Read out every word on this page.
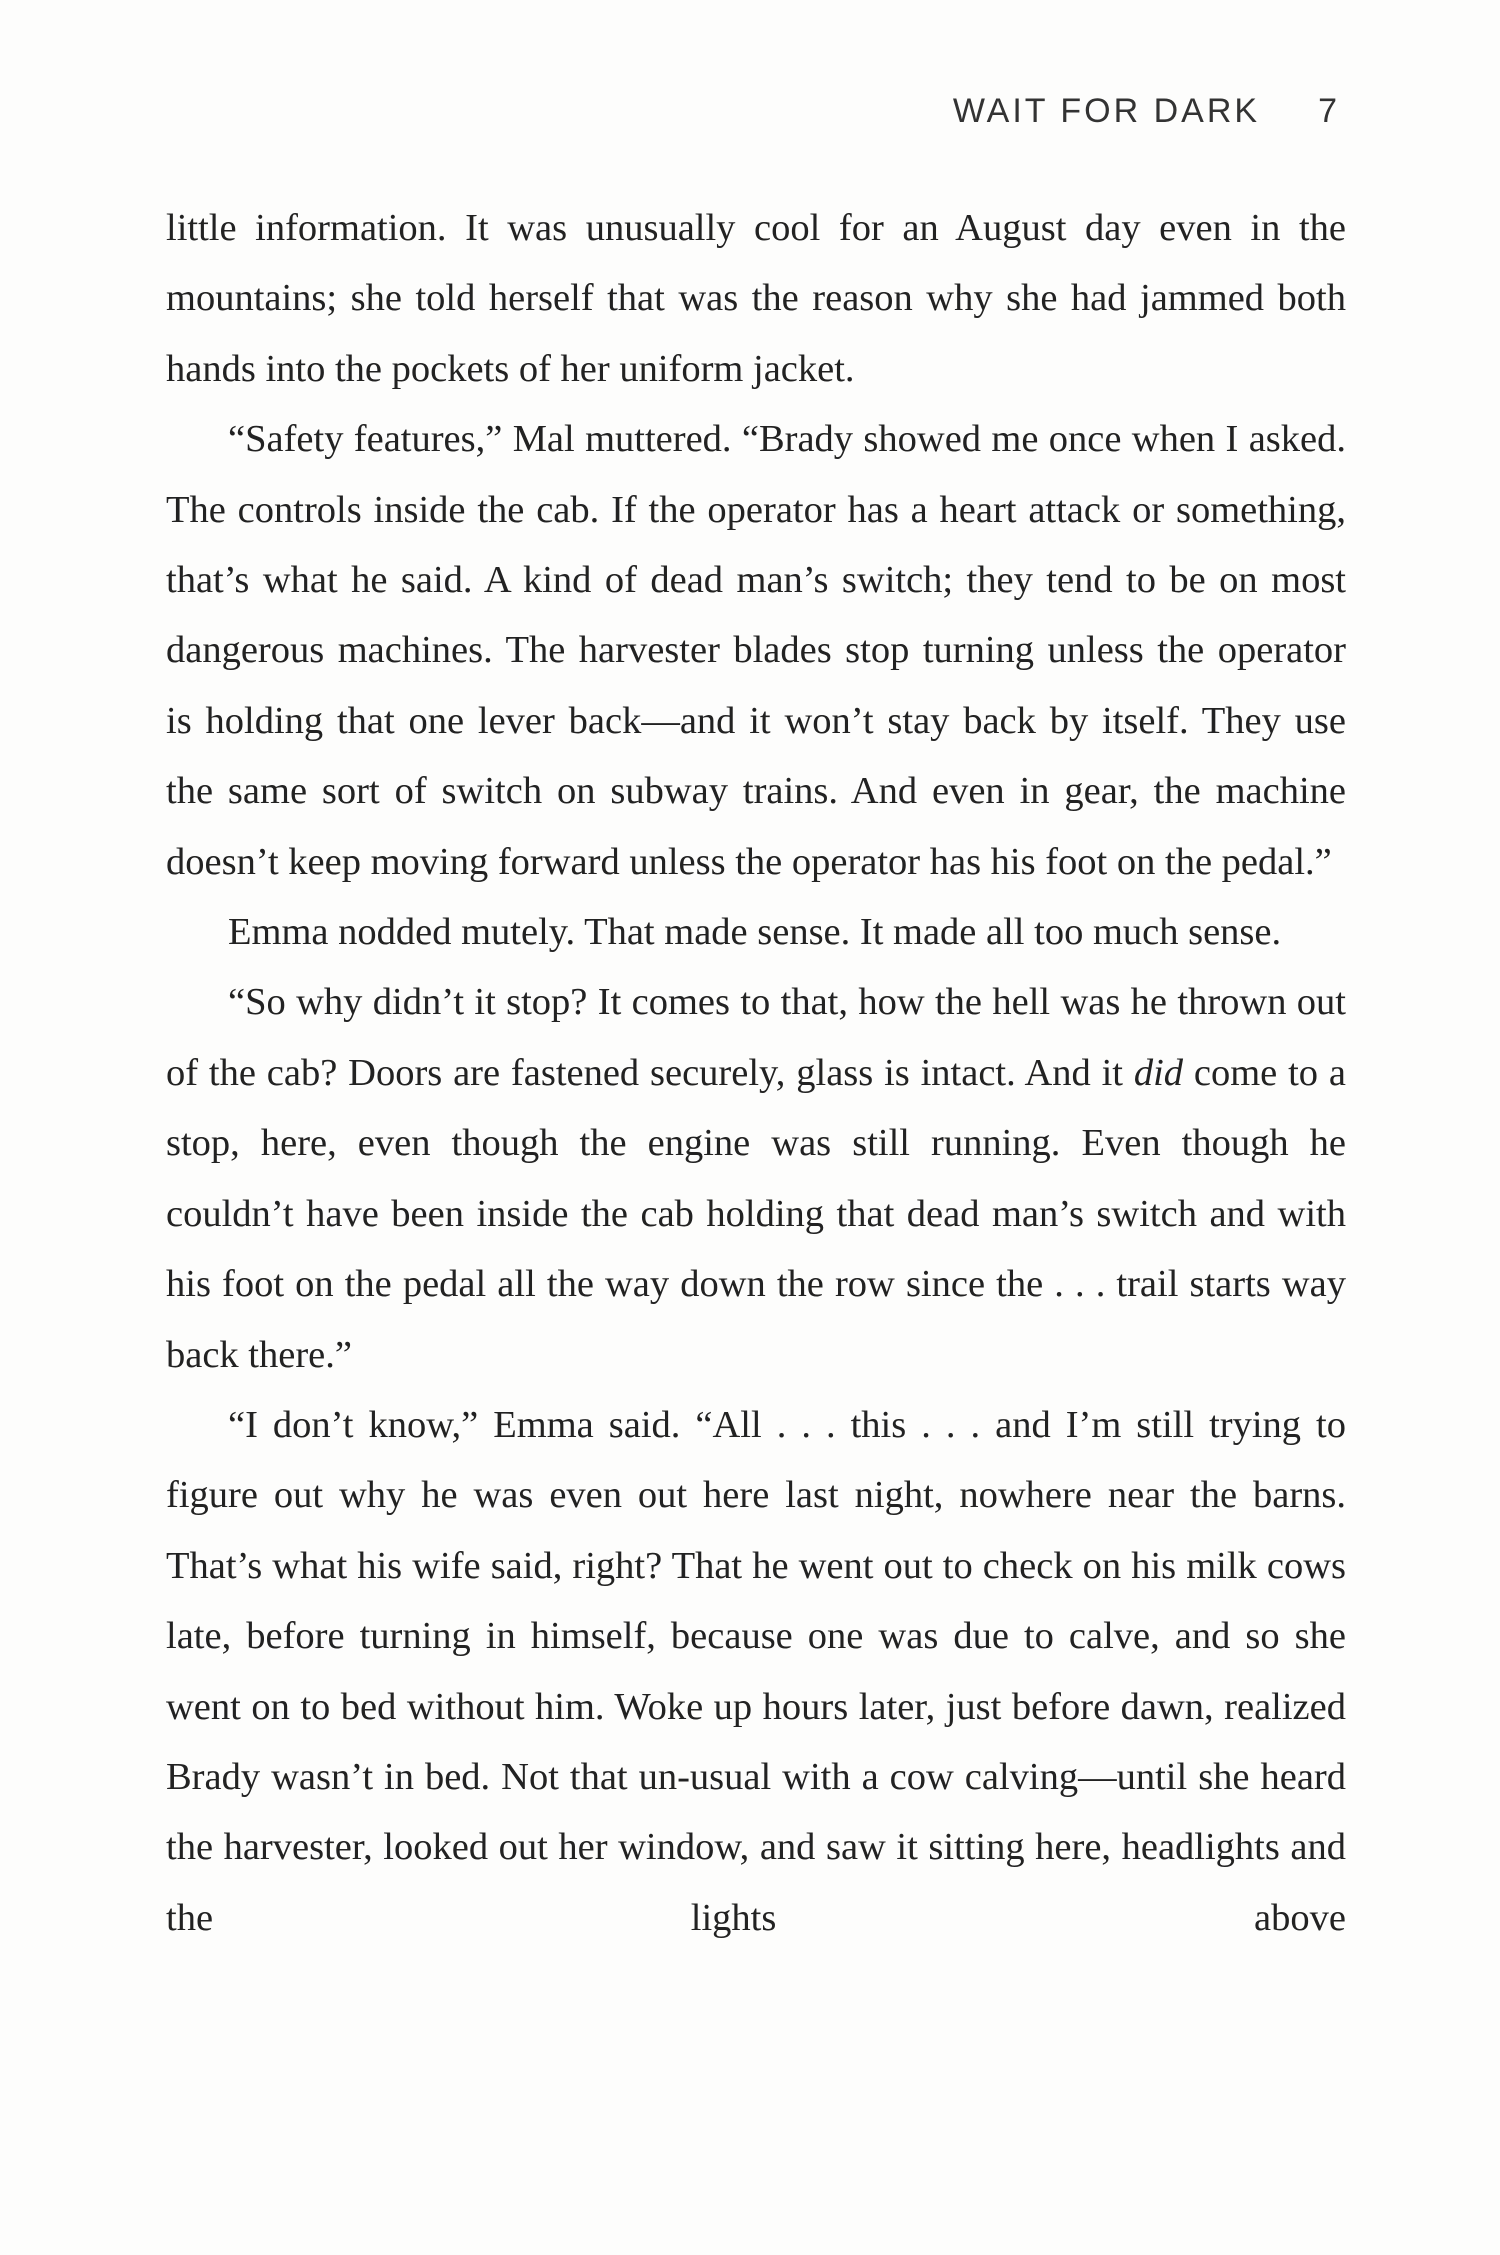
WAIT FOR DARK 7

little information. It was unusually cool for an August day even in the mountains; she told herself that was the reason why she had jammed both hands into the pockets of her uniform jacket.

“Safety features,” Mal muttered. “Brady showed me once when I asked. The controls inside the cab. If the operator has a heart attack or something, that’s what he said. A kind of dead man’s switch; they tend to be on most dangerous machines. The harvester blades stop turning unless the operator is holding that one lever back—and it won’t stay back by itself. They use the same sort of switch on subway trains. And even in gear, the machine doesn’t keep moving forward unless the operator has his foot on the pedal.”

Emma nodded mutely. That made sense. It made all too much sense.

“So why didn’t it stop? It comes to that, how the hell was he thrown out of the cab? Doors are fastened securely, glass is intact. And it did come to a stop, here, even though the engine was still running. Even though he couldn’t have been inside the cab holding that dead man’s switch and with his foot on the pedal all the way down the row since the . . . trail starts way back there.”

“I don’t know,” Emma said. “All . . . this . . . and I’m still trying to figure out why he was even out here last night, nowhere near the barns. That’s what his wife said, right? That he went out to check on his milk cows late, before turning in himself, because one was due to calve, and so she went on to bed without him. Woke up hours later, just before dawn, realized Brady wasn’t in bed. Not that un-usual with a cow calving—until she heard the harvester, looked out her window, and saw it sitting here, headlights and the lights above
